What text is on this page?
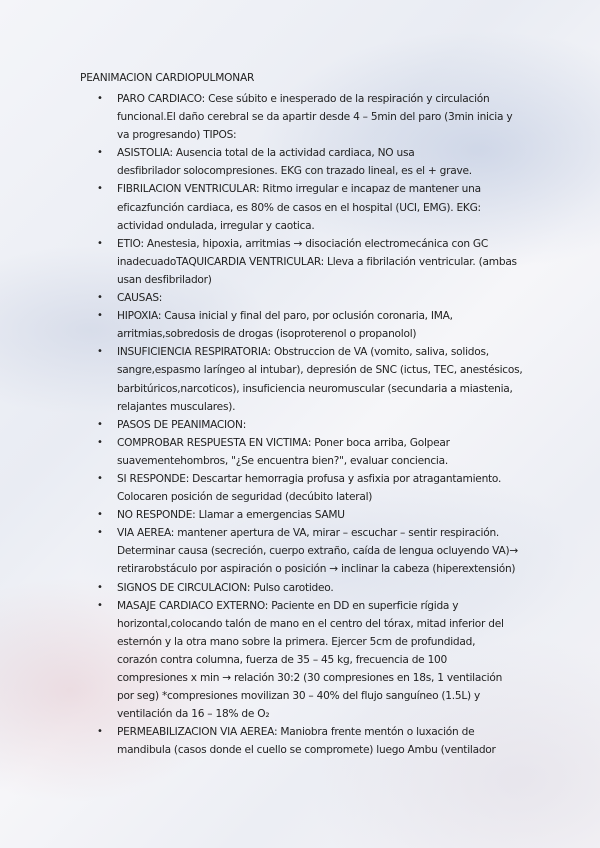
PEANIMACION CARDIOPULMONAR
• PARO CARDIACO: Cese súbito e inesperado de la respiración y circulación
funcional.El daño cerebral se da apartir desde 4 – 5min del paro (3min inicia y
va progresando) TIPOS:
• ASISTOLIA: Ausencia total de la actividad cardiaca, NO usa
desfibrilador solocompresiones. EKG con trazado lineal, es el + grave.
• FIBRILACION VENTRICULAR: Ritmo irregular e incapaz de mantener una
eficazfunción cardiaca, es 80% de casos en el hospital (UCI, EMG). EKG:
actividad ondulada, irregular y caotica.
• ETIO: Anestesia, hipoxia, arritmias → disociación electromecánica con GC
inadecuadoTAQUICARDIA VENTRICULAR: Lleva a fibrilación ventricular. (ambas
usan desfibrilador)
• CAUSAS:
• HIPOXIA: Causa inicial y final del paro, por oclusión coronaria, IMA,
arritmias,sobredosis de drogas (isoproterenol o propanolol)
• INSUFICIENCIA RESPIRATORIA: Obstruccion de VA (vomito, saliva, solidos,
sangre,espasmo laríngeo al intubar), depresión de SNC (ictus, TEC, anestésicos,
barbitúricos,narcoticos), insuficiencia neuromuscular (secundaria a miastenia,
relajantes musculares).
• PASOS DE PEANIMACION:
• COMPROBAR RESPUESTA EN VICTIMA: Poner boca arriba, Golpear
suavementehombros, "¿Se encuentra bien?", evaluar conciencia.
• SI RESPONDE: Descartar hemorragia profusa y asfixia por atragantamiento.
Colocaren posición de seguridad (decúbito lateral)
• NO RESPONDE: Llamar a emergencias SAMU
• VIA AEREA: mantener apertura de VA, mirar – escuchar – sentir respiración.
Determinar causa (secreción, cuerpo extraño, caída de lengua ocluyendo VA)→
retirarobstáculo por aspiración o posición → inclinar la cabeza (hiperextensión)
• SIGNOS DE CIRCULACION: Pulso carotideo.
• MASAJE CARDIACO EXTERNO: Paciente en DD en superficie rígida y
horizontal,colocando talón de mano en el centro del tórax, mitad inferior del
esternón y la otra mano sobre la primera. Ejercer 5cm de profundidad,
corazón contra columna, fuerza de 35 – 45 kg, frecuencia de 100
compresiones x min → relación 30:2 (30 compresiones en 18s, 1 ventilación
por seg) *compresiones movilizan 30 – 40% del flujo sanguíneo (1.5L) y
ventilación da 16 – 18% de O₂
• PERMEABILIZACION VIA AEREA: Maniobra frente mentón o luxación de
mandibula (casos donde el cuello se compromete) luego Ambu (ventilador
